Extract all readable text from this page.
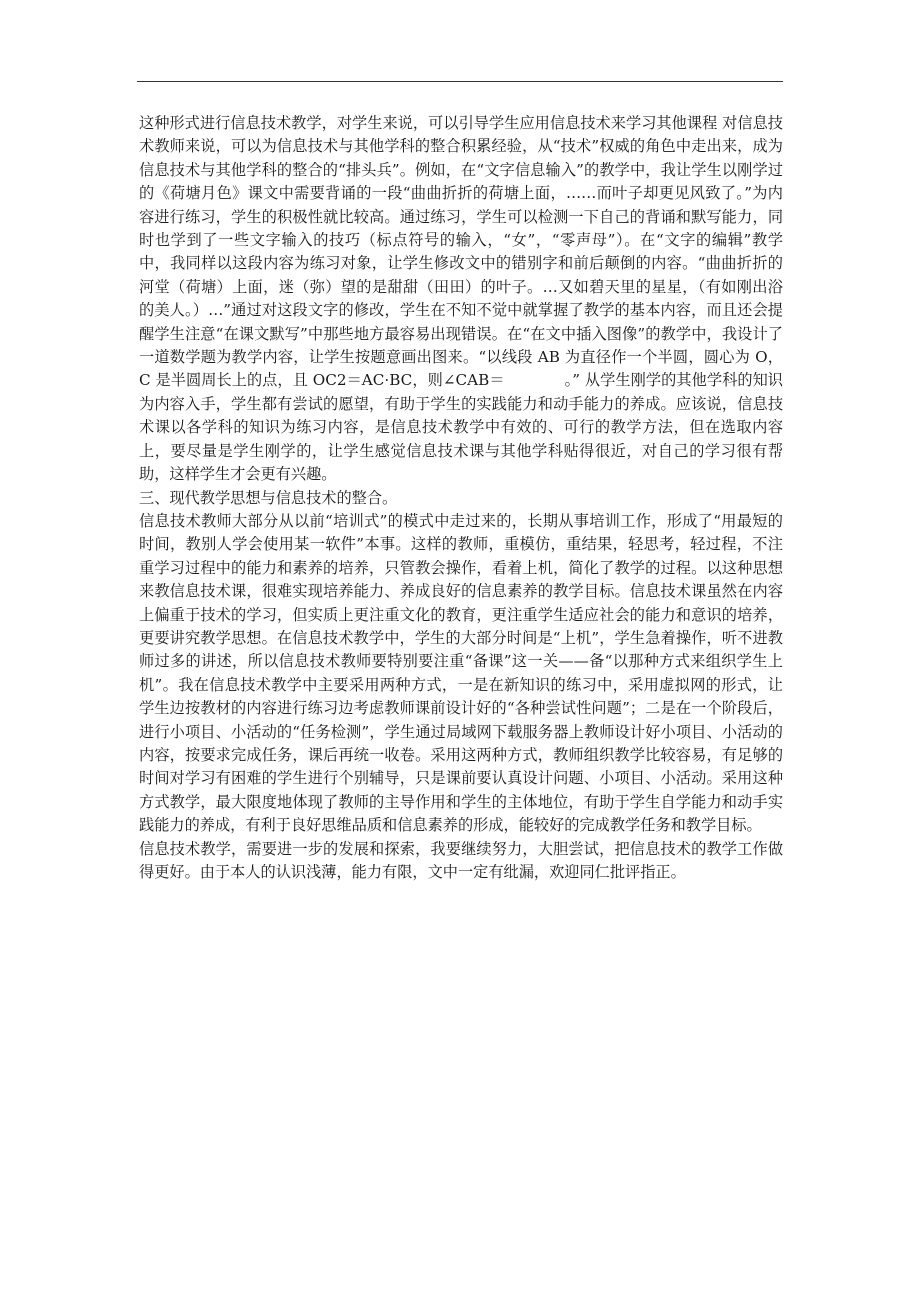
这种形式进行信息技术教学，对学生来说，可以引导学生应用信息技术来学习其他课程 对信息技术教师来说，可以为信息技术与其他学科的整合积累经验，从“技术”权威的角色中走出来，成为信息技术与其他学科的整合的“排头兵”。例如，在“文字信息输入”的教学中，我让学生以刚学过的《荷塘月色》课文中需要背诵的一段“曲曲折折的荷塘上面，……而叶子却更见风致了。”为内容进行练习，学生的积极性就比较高。通过练习，学生可以检测一下自己的背诵和默写能力，同时也学到了一些文字输入的技巧（标点符号的输入，“女”，“零声母”）。在“文字的编辑”教学中，我同样以这段内容为练习对象，让学生修改文中的错别字和前后颠倒的内容。“曲曲折折的河堂（荷塘）上面，迷（弥）望的是甜甜（田田）的叶子。…又如碧天里的星星，（有如刚出浴的美人。）…”通过对这段文字的修改，学生在不知不觉中就掌握了教学的基本内容，而且还会提醒学生注意“在课文默写”中那些地方最容易出现错误。在“在文中插入图像”的教学中，我设计了一道数学题为教学内容，让学生按题意画出图来。“以线段 AB 为直径作一个半圆，圆心为 O，C 是半圆周长上的点，且 OC2＝AC·BC，则∠CAB＝	。” 从学生刚学的其他学科的知识为内容入手，学生都有尝试的愿望，有助于学生的实践能力和动手能力的养成。应该说，信息技术课以各学科的知识为练习内容，是信息技术教学中有效的、可行的教学方法，但在选取内容上，要尽量是学生刚学的，让学生感觉信息技术课与其他学科贴得很近，对自己的学习很有帮助，这样学生才会更有兴趣。

三、现代教学思想与信息技术的整合。

信息技术教师大部分从以前“培训式”的模式中走过来的，长期从事培训工作，形成了“用最短的时间，教别人学会使用某一软件”本事。这样的教师，重模仿，重结果，轻思考，轻过程，不注重学习过程中的能力和素养的培养，只管教会操作，看着上机，简化了教学的过程。以这种思想来教信息技术课，很难实现培养能力、养成良好的信息素养的教学目标。信息技术课虽然在内容上偏重于技术的学习，但实质上更注重文化的教育，更注重学生适应社会的能力和意识的培养，更要讲究教学思想。在信息技术教学中，学生的大部分时间是“上机”，学生急着操作，听不进教师过多的讲述，所以信息技术教师要特别要注重“备课”这一关——备“以那种方式来组织学生上机”。我在信息技术教学中主要采用两种方式，一是在新知识的练习中，采用虚拟网的形式，让学生边按教材的内容进行练习边考虑教师课前设计好的“各种尝试性问题”；二是在一个阶段后，进行小项目、小活动的“任务检测”，学生通过局域网下载服务器上教师设计好小项目、小活动的内容，按要求完成任务，课后再统一收卷。采用这两种方式，教师组织教学比较容易，有足够的时间对学习有困难的学生进行个别辅导，只是课前要认真设计问题、小项目、小活动。采用这种方式教学，最大限度地体现了教师的主导作用和学生的主体地位，有助于学生自学能力和动手实践能力的养成，有利于良好思维品质和信息素养的形成，能较好的完成教学任务和教学目标。

信息技术教学，需要进一步的发展和探索，我要继续努力，大胆尝试，把信息技术的教学工作做得更好。由于本人的认识浅薄，能力有限，文中一定有纰漏，欢迎同仁批评指正。
